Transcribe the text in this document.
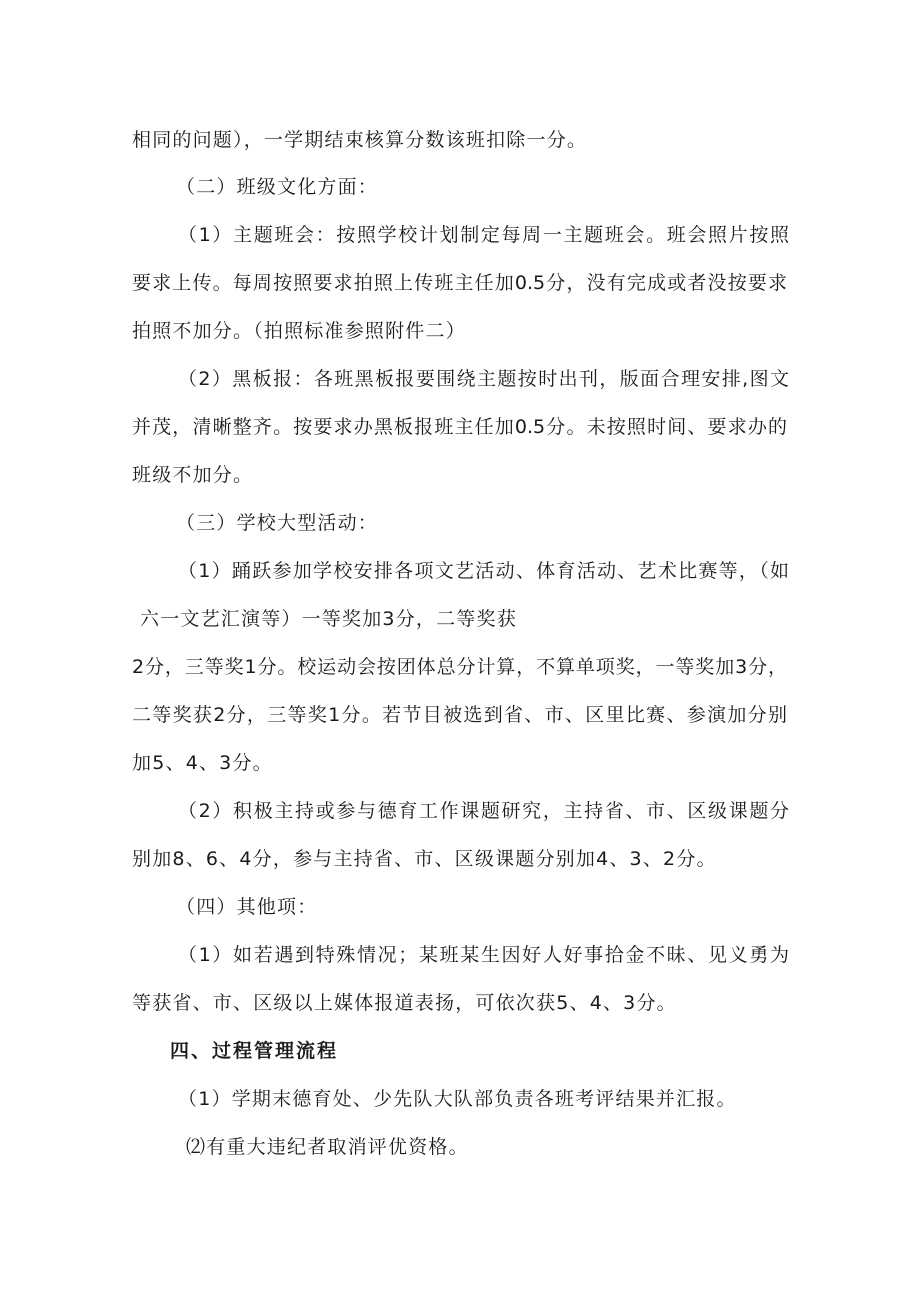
相同的问题），一学期结束核算分数该班扣除一分。
（二）班级文化方面：
（1）主题班会：按照学校计划制定每周一主题班会。班会照片按照
要求上传。每周按照要求拍照上传班主任加0.5分，没有完成或者没按要求
拍照不加分。（拍照标准参照附件二）
（2）黑板报：各班黑板报要围绕主题按时出刊，版面合理安排,图文
并茂，清晰整齐。按要求办黑板报班主任加0.5分。未按照时间、要求办的
班级不加分。
（三）学校大型活动：
（1）踊跃参加学校安排各项文艺活动、体育活动、艺术比赛等，（如
六一文艺汇演等）一等奖加3分，二等奖获
2分，三等奖1分。校运动会按团体总分计算，不算单项奖，一等奖加3分，
二等奖获2分，三等奖1分。若节目被选到省、市、区里比赛、参演加分别
加5、4、3分。
（2）积极主持或参与德育工作课题研究，主持省、市、区级课题分
别加8、6、4分，参与主持省、市、区级课题分别加4、3、2分。
（四）其他项：
（1）如若遇到特殊情况；某班某生因好人好事拾金不昧、见义勇为
等获省、市、区级以上媒体报道表扬，可依次获5、4、3分。
四、过程管理流程
（1）学期末德育处、少先队大队部负责各班考评结果并汇报。
⑵有重大违纪者取消评优资格。
